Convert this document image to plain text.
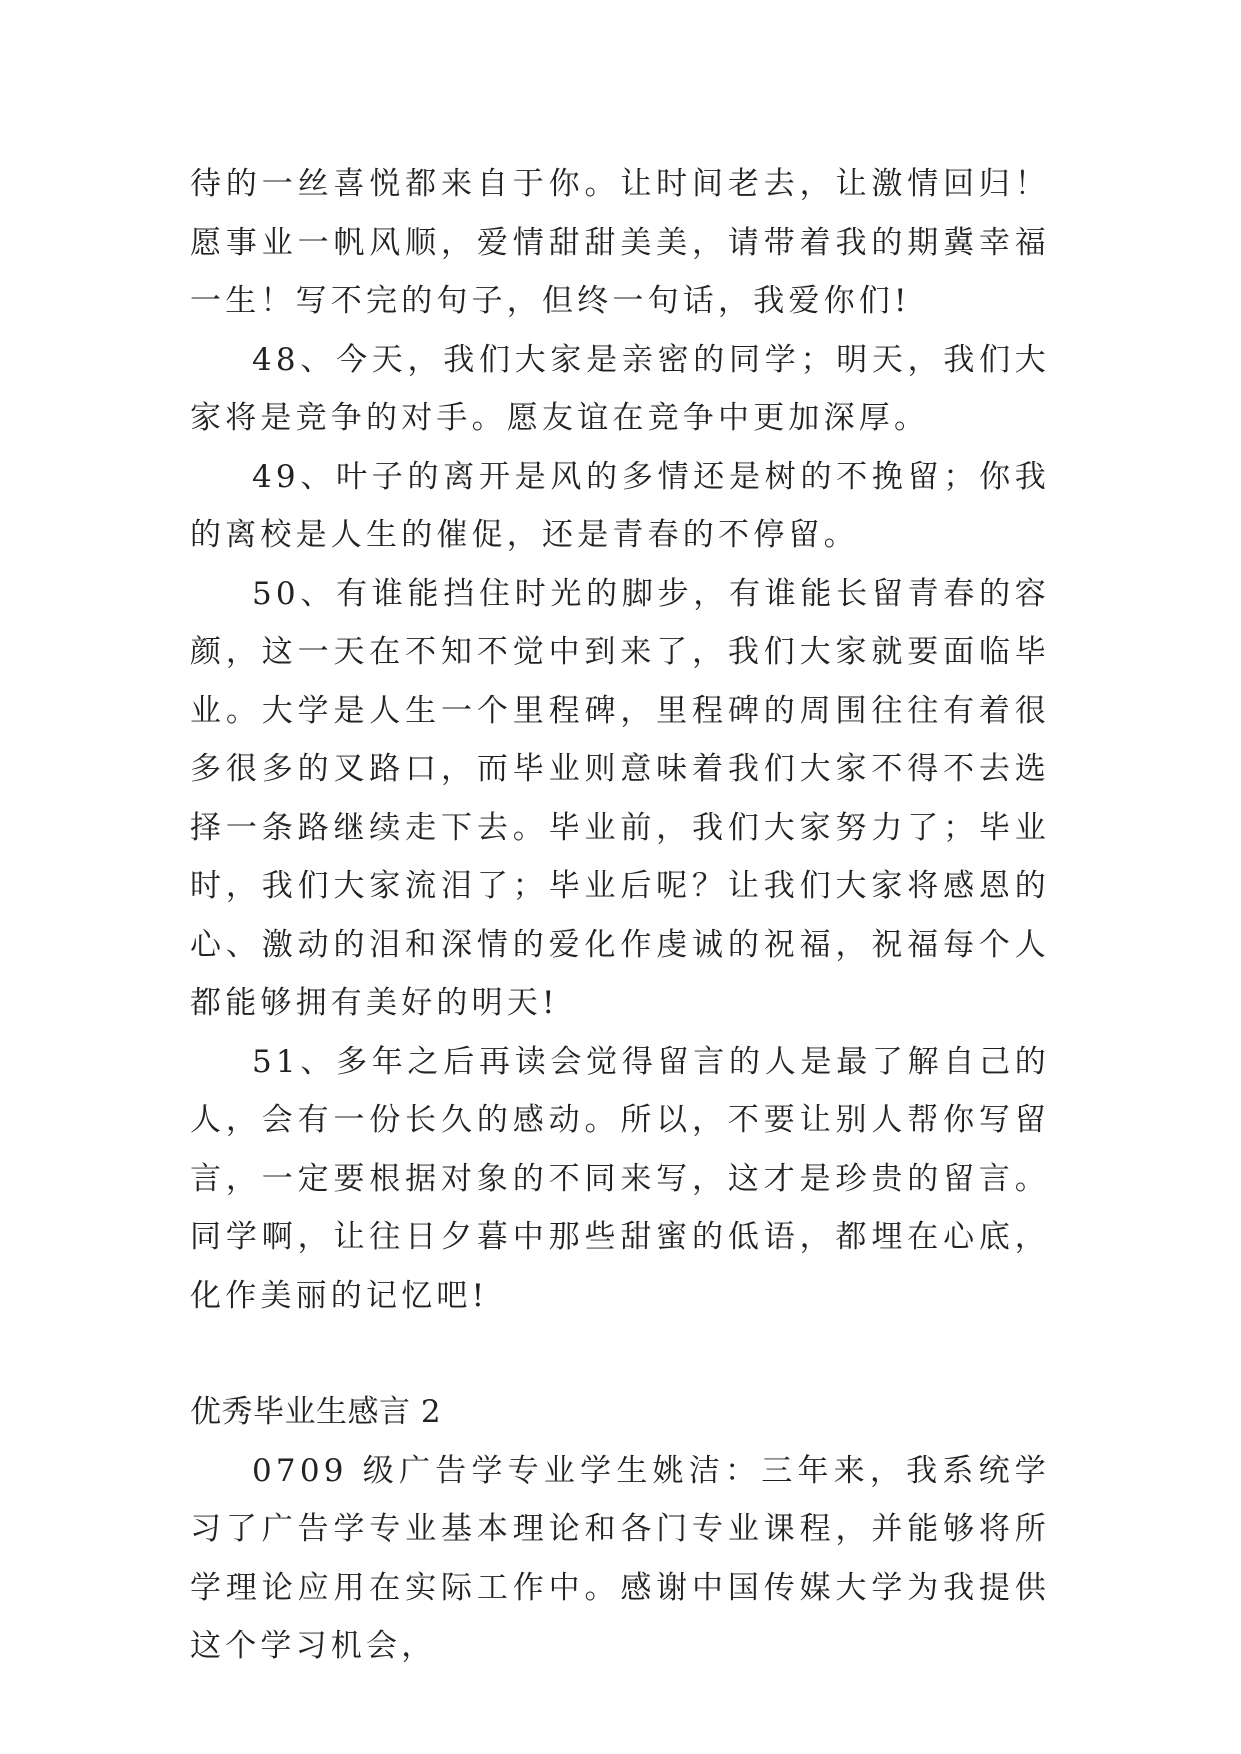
待的一丝喜悦都来自于你。让时间老去，让激情回归！愿事业一帆风顺，爱情甜甜美美，请带着我的期冀幸福一生！写不完的句子，但终一句话，我爱你们!

48、今天，我们大家是亲密的同学；明天，我们大家将是竞争的对手。愿友谊在竞争中更加深厚。

49、叶子的离开是风的多情还是树的不挽留；你我的离校是人生的催促，还是青春的不停留。

50、有谁能挡住时光的脚步，有谁能长留青春的容颜，这一天在不知不觉中到来了，我们大家就要面临毕业。大学是人生一个里程碑，里程碑的周围往往有着很多很多的叉路口，而毕业则意味着我们大家不得不去选择一条路继续走下去。毕业前，我们大家努力了；毕业时，我们大家流泪了；毕业后呢？让我们大家将感恩的心、激动的泪和深情的爱化作虔诚的祝福，祝福每个人都能够拥有美好的明天!

51、多年之后再读会觉得留言的人是最了解自己的人，会有一份长久的感动。所以，不要让别人帮你写留言，一定要根据对象的不同来写，这才是珍贵的留言。 同学啊，让往日夕暮中那些甜蜜的低语，都埋在心底，化作美丽的记忆吧!

优秀毕业生感言 2

0709 级广告学专业学生姚洁：三年来，我系统学习了广告学专业基本理论和各门专业课程，并能够将所学理论应用在实际工作中。感谢中国传媒大学为我提供这个学习机会，
